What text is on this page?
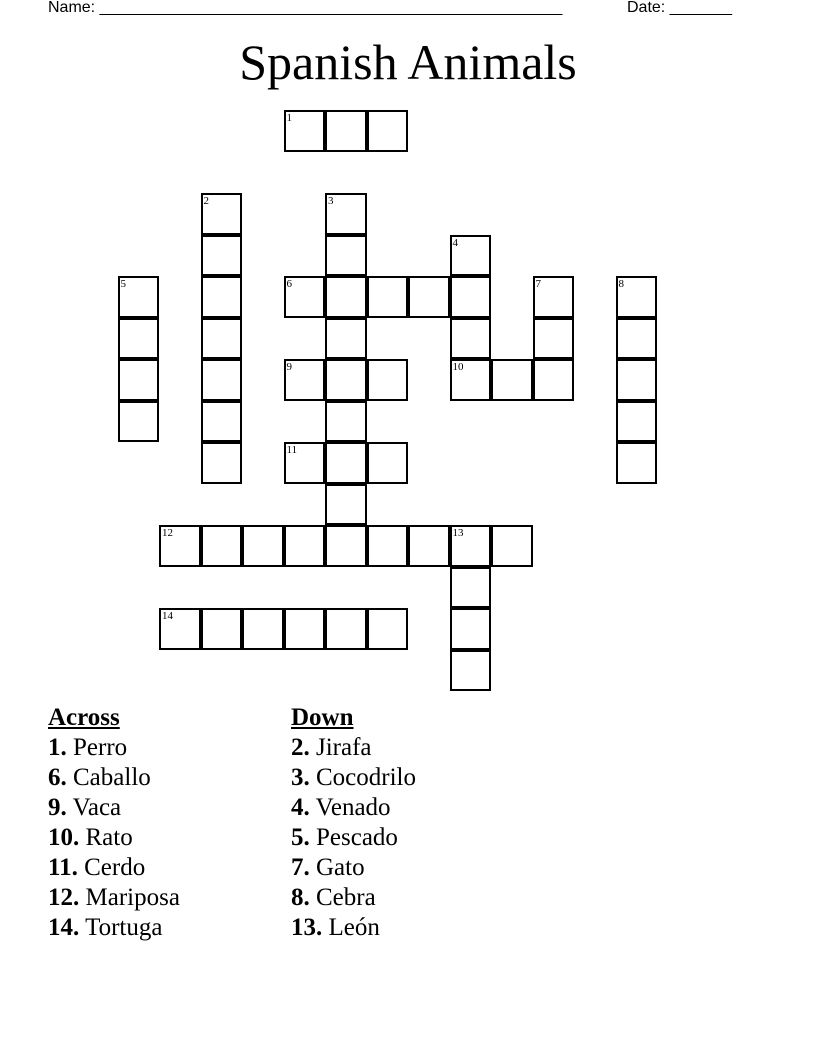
Name: ____________________________________________________	Date: _______
Spanish Animals
1
2	3
4
10
5	6	7	8
9
11
12	13
14
Across
1. Perro
6. Caballo
9. Vaca
10. Rato
11. Cerdo
12. Mariposa
14. Tortuga
Down
2. Jirafa
3. Cocodrilo
4. Venado
5. Pescado
7. Gato
8. Cebra
13. León
